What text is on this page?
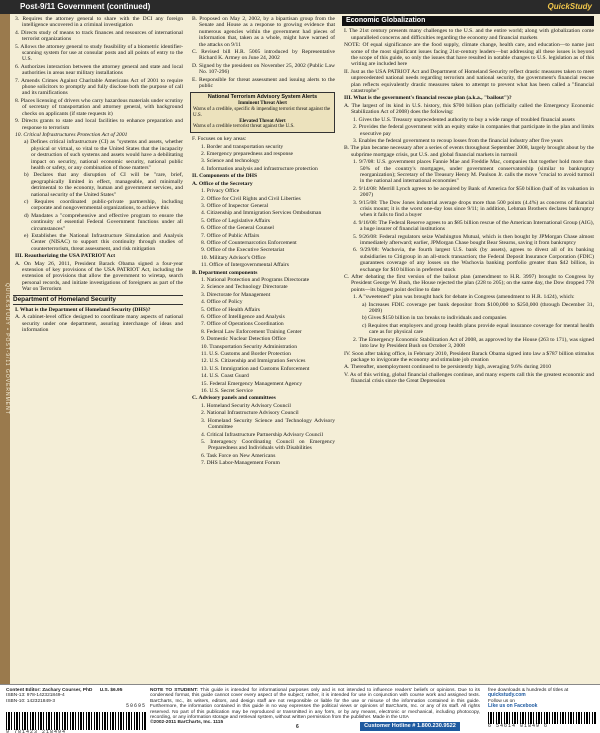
Post-9/11 Government (continued)	QuickStudy
QUICKSTUDY • POST-9/11 GOVERNMENT

3. Requires the attorney general to share with the DCI any foreign intelligence uncovered in a criminal investigation

4. Directs study of means to track finances and resources of international terrorist organizations

5. Allows the attorney general to study feasibility of a biometric identifier-scanning system for use at consular posts and all points of entry to the U.S.

6. Authorizes interaction between the attorney general and state and local authorities in areas near military installations

7. Amends Crimes Against Charitable Americans Act of 2001 to require phone solicitors to promptly and fully disclose both the purpose of call and its ramifications

8. Places licensing of drivers who carry hazardous materials under scrutiny of secretary of transportation and attorney general, with background checks on applicants (if state requests it)

9. Directs grants to state and local facilities to enhance preparation and response to terrorism

10. Critical Infrastructures Protection Act of 2001

a) Defines critical infrastructure (CI) as "systems and assets, whether physical or virtual, so vital to the United States that the incapacity or destruction of such systems and assets would have a debilitating impact on security, national economic security, national public health or safety, or any combination of those matters"

b) Declares that any disruption of CI will be "rare, brief, geographically limited in effect, manageable, and minimally detrimental to the economy, human and government services, and national security of the United States"

c) Requires coordinated public-private partnership, including corporate and nongovernmental organizations, to achieve this

d) Mandates a "comprehensive and effective program to ensure the continuity of essential Federal Government functions under all circumstances"

e) Establishes the National Infrastructure Simulation and Analysis Center (NISAC) to support this continuity through studies of counterterrorism, threat assessment, and risk mitigation

III. Reauthorizing the USA PATRIOT Act

A. On May 26, 2011, President Barack Obama signed a four-year extension of key provisions of the USA PATRIOT Act, including the extension of provisions that allow the government to wiretap, search personal records, and initiate investigations of foreigners as part of the War on Terrorism

Department of Homeland Security

I. What is the Department of Homeland Security (DHS)?

A. A cabinet-level office designed to coordinate many aspects of national security under one department, assuring interchange of ideas and information

B. Proposed on May 2, 2002, by a bipartisan group from the Senate and House as a response to growing evidence that numerous agencies within the government had pieces of information that, taken as a whole, might have warned of the attacks on 9/11

C. Revised bill H.R. 5005 introduced by Representative Richard K. Armey on June 24, 2002

D. Signed by the president on November 25, 2002 (Public Law No. 107-296)

E. Responsible for threat assessment and issuing alerts to the public

National Terrorism Advisory System Alerts
Imminent Threat Alert
Warns of a credible, specific & impending terrorist threat against the U.S.
Elevated Threat Alert
Warns of a credible terrorist threat against the U.S.

F. Focuses on key areas:

1. Border and transportation security

2. Emergency preparedness and response

3. Science and technology

4. Information analysis and infrastructure protection

II. Components of the DHS

A. Office of the Secretary

1. Privacy Office

2. Office for Civil Rights and Civil Liberties

3. Office of Inspector General

4. Citizenship and Immigration Services Ombudsman

5. Office of Legislative Affairs

6. Office of the General Counsel

7. Office of Public Affairs

8. Office of Counternarcotics Enforcement

9. Office of the Executive Secretariat

10. Military Advisor's Office

11. Office of Intergovernmental Affairs

B. Department components

1. National Protection and Programs Directorate

2. Science and Technology Directorate

3. Directorate for Management

4. Office of Policy

5. Office of Health Affairs

6. Office of Intelligence and Analysis

7. Office of Operations Coordination

8. Federal Law Enforcement Training Center

9. Domestic Nuclear Detection Office

10. Transportation Security Administration

11. U.S. Customs and Border Protection

12. U.S. Citizenship and Immigration Services

13. U.S. Immigration and Customs Enforcement

14. U.S. Coast Guard

15. Federal Emergency Management Agency

16. U.S. Secret Service

C. Advisory panels and committees

1. Homeland Security Advisory Council

2. National Infrastructure Advisory Council

3. Homeland Security Science and Technology Advisory Committee

4. Critical Infrastructure Partnership Advisory Council

5. Interagency Coordinating Council on Emergency Preparedness and Individuals with Disabilities

6. Task Force on New Americans

7. DHS Labor-Management Forum

Economic Globalization

I. The 21st century presents many challenges to the U.S. and the entire world; along with globalization come unparalleled concerns and difficulties regarding the economy and financial markets

NOTE: Of equal significance are the food supply, climate change, health care, and education—to name just some of the most significant issues facing 21st-century leaders—but addressing all these issues is beyond the scope of this guide, so only the issues that have resulted in notable changes to U.S. legislation as of this writing are included here

II. Just as the USA PATRIOT Act and Department of Homeland Security reflect drastic measures taken to meet unprecedented national needs regarding terrorism and national security, the government's financial rescue plan reflects equivalently drastic measures taken to attempt to prevent what has been called a "financial catastrophe"

III. What is the government's financial rescue plan (a.k.a., "bailout")?

A. The largest of its kind in U.S. history, this $700 billion plan (officially called the Emergency Economic Stabilization Act of 2008) does the following:

1. Gives the U.S. Treasury unprecedented authority to buy a wide range of troubled financial assets

2. Provides the federal government with an equity stake in companies that participate in the plan and limits executive pay

3. Enables the federal government to recoup losses from the financial industry after five years

B. The plan became necessary after a series of events throughout September 2008, largely brought about by the subprime mortgage crisis, put U.S. and global financial markets in turmoil

1. 9/7/08: U.S. government places Fannie Mae and Freddie Mac, companies that together hold more than 50% of the country's mortgages, under government conservatorship (similar to bankruptcy reorganization); Secretary of the Treasury Henry M. Paulson Jr. calls the move "crucial to avoid turmoil in the national and international economies"

2. 9/14/08: Merrill Lynch agrees to be acquired by Bank of America for $50 billion (half of its valuation in 2007)

3. 9/15/08: The Dow Jones industrial average drops more than 500 points (4.4%) as concerns of financial crisis mount; it is the worst one-day loss since 9/11; in addition, Lehman Brothers declares bankruptcy when it fails to find a buyer

4. 9/16/08: The Federal Reserve agrees to an $85 billion rescue of the American International Group (AIG), a huge insurer of financial institutions

5. 9/26/08: Federal regulators seize Washington Mutual, which is then bought by JPMorgan Chase almost immediately afterward; earlier, JPMorgan Chase bought Bear Stearns, saving it from bankruptcy

6. 9/29/08: Wachovia, the fourth largest U.S. bank (by assets), agrees to divest all of its banking subsidiaries to Citigroup in an all-stock transaction; the Federal Deposit Insurance Corporation (FDIC) guarantees coverage of any losses on the Wachovia banking portfolio greater than $42 billion, in exchange for $10 billion in preferred stock

C. After debating the first version of the bailout plan (amendment to H.R. 3997) brought to Congress by President George W. Bush, the House rejected the plan (228 to 205); on the same day, the Dow dropped 778 points—its biggest point decline to date

1. A "sweetened" plan was brought back for debate in Congress (amendment to H.R. 1424), which:

a) Increases FDIC coverage per bank depositor from $100,000 to $250,000 (through December 31, 2009)

b) Gives $150 billion in tax breaks to individuals and companies

c) Requires that employers and group health plans provide equal insurance coverage for mental health care as for physical care

2. The Emergency Economic Stabilization Act of 2008, as approved by the House (263 to 171), was signed into law by President Bush on October 3, 2008

IV. Soon after taking office, in February 2010, President Barack Obama signed into law a $787 billion stimulus package to invigorate the economy and stimulate job creation

A. Thereafter, unemployment continued to be persistently high, averaging 9.6% during 2010

V. As of this writing, global financial challenges continue, and many experts call this the greatest economic and financial crisis since the Great Depression

Content Editor: Zachary Courser, PhD U.S. $6.95
ISBN-13: 978-142321849-4
ISBN-10: 142321849-3
50695
9 781423 218494
NOTE TO STUDENT: This guide is intended for informational purposes only and is not intended to influence readers' beliefs or opinions. Due to its condensed format, this guide cannot cover every aspect of the subject; rather, it is intended for use in conjunction with course work and assigned texts. BarCharts, Inc., its writers, editors, and design staff are not responsible or liable for the use or misuse of the information contained in this guide. Furthermore, the information contained in this guide in no way expresses the political views or opinions of BarCharts, Inc. or any of its staff. All rights reserved. No part of this publication may be reproduced or transmitted in any form, or by any means, electronic or mechanical, including photocopy, recording, or any information storage and retrieval system, without written permission from the publisher. Made in the USA
©2002-2011 BarCharts, Inc. 1115
Customer Hotline # 1.800.230.9522
free downloads & hundreds of titles at
quickstudy.com
Follow us on
Like us on Facebook
6 54614 01849 6
6
